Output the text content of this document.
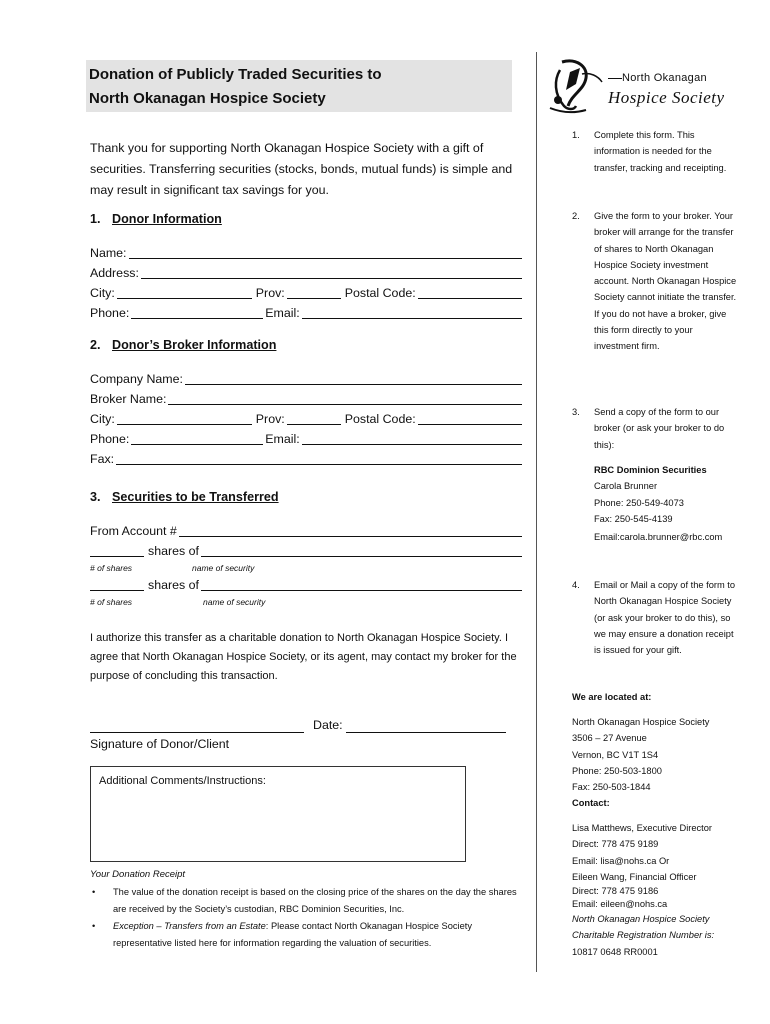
Donation of Publicly Traded Securities to
North Okanagan Hospice Society
Thank you for supporting North Okanagan Hospice Society with a gift of securities. Transferring securities (stocks, bonds, mutual funds) is simple and may result in significant tax savings for you.
1. Donor Information
Name:
Address:
City:	Prov:	Postal Code:
Phone:	Email:
2. Donor’s Broker Information
Company Name:
Broker Name:
City:	Prov:	Postal Code:
Phone:	Email:
Fax:
3. Securities to be Transferred
From Account #
shares of
# of shares	name of security
shares of
# of shares	name of security
I authorize this transfer as a charitable donation to North Okanagan Hospice Society. I agree that North Okanagan Hospice Society, or its agent, may contact my broker for the purpose of concluding this transaction.
Date:
Signature of Donor/Client
Additional Comments/Instructions:
Your Donation Receipt
• The value of the donation receipt is based on the closing price of the shares on the day the shares are received by the Society’s custodian, RBC Dominion Securities, Inc.
• Exception – Transfers from an Estate: Please contact North Okanagan Hospice Society representative listed here for information regarding the valuation of securities.
North Okanagan
Hospice Society
1. Complete this form. This information is needed for the transfer, tracking and receipting.
2. Give the form to your broker. Your broker will arrange for the transfer of shares to North Okanagan Hospice Society investment account. North Okanagan Hospice Society cannot initiate the transfer. If you do not have a broker, give this form directly to your investment firm.
3. Send a copy of the form to our broker (or ask your broker to do this):
RBC Dominion Securities
Carola Brunner
Phone: 250-549-4073
Fax: 250-545-4139
Email:carola.brunner@rbc.com
4. Email or Mail a copy of the form to North Okanagan Hospice Society (or ask your broker to do this), so we may ensure a donation receipt is issued for your gift.
We are located at:
North Okanagan Hospice Society
3506 – 27 Avenue
Vernon, BC V1T 1S4
Phone: 250-503-1800
Fax: 250-503-1844
Contact:
Lisa Matthews, Executive Director
Direct: 778 475 9189
Email: lisa@nohs.ca Or
Eileen Wang, Financial Officer
Direct: 778 475 9186
Email: eileen@nohs.ca
North Okanagan Hospice Society
Charitable Registration Number is:
10817 0648 RR0001
